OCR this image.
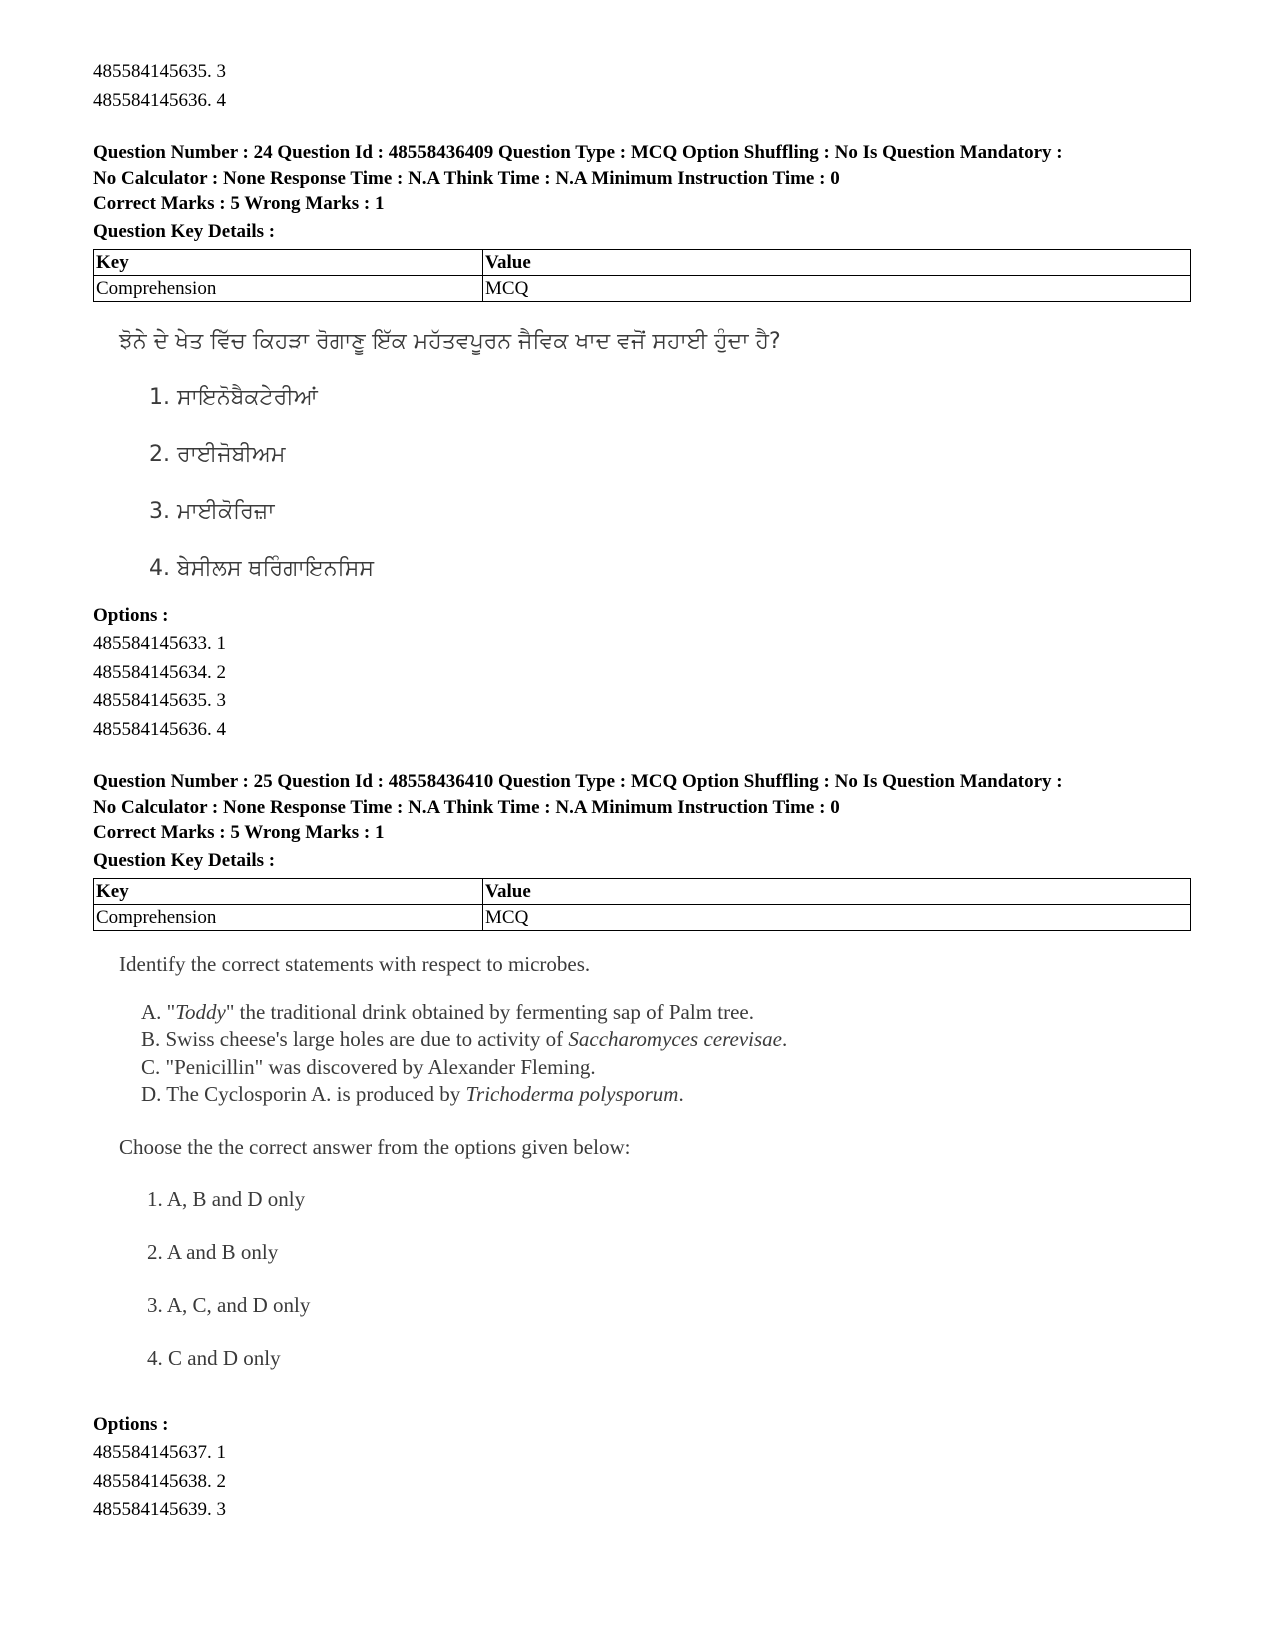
485584145635. 3
485584145636. 4
Question Number : 24 Question Id : 48558436409 Question Type : MCQ Option Shuffling : No Is Question Mandatory :
No Calculator : None Response Time : N.A Think Time : N.A Minimum Instruction Time : 0
Correct Marks : 5 Wrong Marks : 1
Question Key Details :
Key	Value
Comprehension	MCQ
ਝੋਨੇ ਦੇ ਖੇਤ ਵਿੱਚ ਕਿਹੜਾ ਰੋਗਾਣੂ ਇੱਕ ਮਹੱਤਵਪੂਰਨ ਜੈਵਿਕ ਖਾਦ ਵਜੋਂ ਸਹਾਈ ਹੁੰਦਾ ਹੈ?
1. ਸਾਇਨੋਬੈਕਟੇਰੀਆਂ
2. ਰਾਈਜੋਬੀਅਮ
3. ਮਾਈਕੋਰਿਜ਼ਾ
4. ਬੇਸੀਲਸ ਥਰਿੰਗਾਇਨਸਿਸ
Options :
485584145633. 1
485584145634. 2
485584145635. 3
485584145636. 4
Question Number : 25 Question Id : 48558436410 Question Type : MCQ Option Shuffling : No Is Question Mandatory :
No Calculator : None Response Time : N.A Think Time : N.A Minimum Instruction Time : 0
Correct Marks : 5 Wrong Marks : 1
Question Key Details :
Key	Value
Comprehension	MCQ
Identify the correct statements with respect to microbes.
A. "Toddy" the traditional drink obtained by fermenting sap of Palm tree.
B. Swiss cheese's large holes are due to activity of Saccharomyces cerevisae.
C. "Penicillin" was discovered by Alexander Fleming.
D. The Cyclosporin A. is produced by Trichoderma polysporum.
Choose the the correct answer from the options given below:
1. A, B and D only
2. A and B only
3. A, C, and D only
4. C and D only
Options :
485584145637. 1
485584145638. 2
485584145639. 3
